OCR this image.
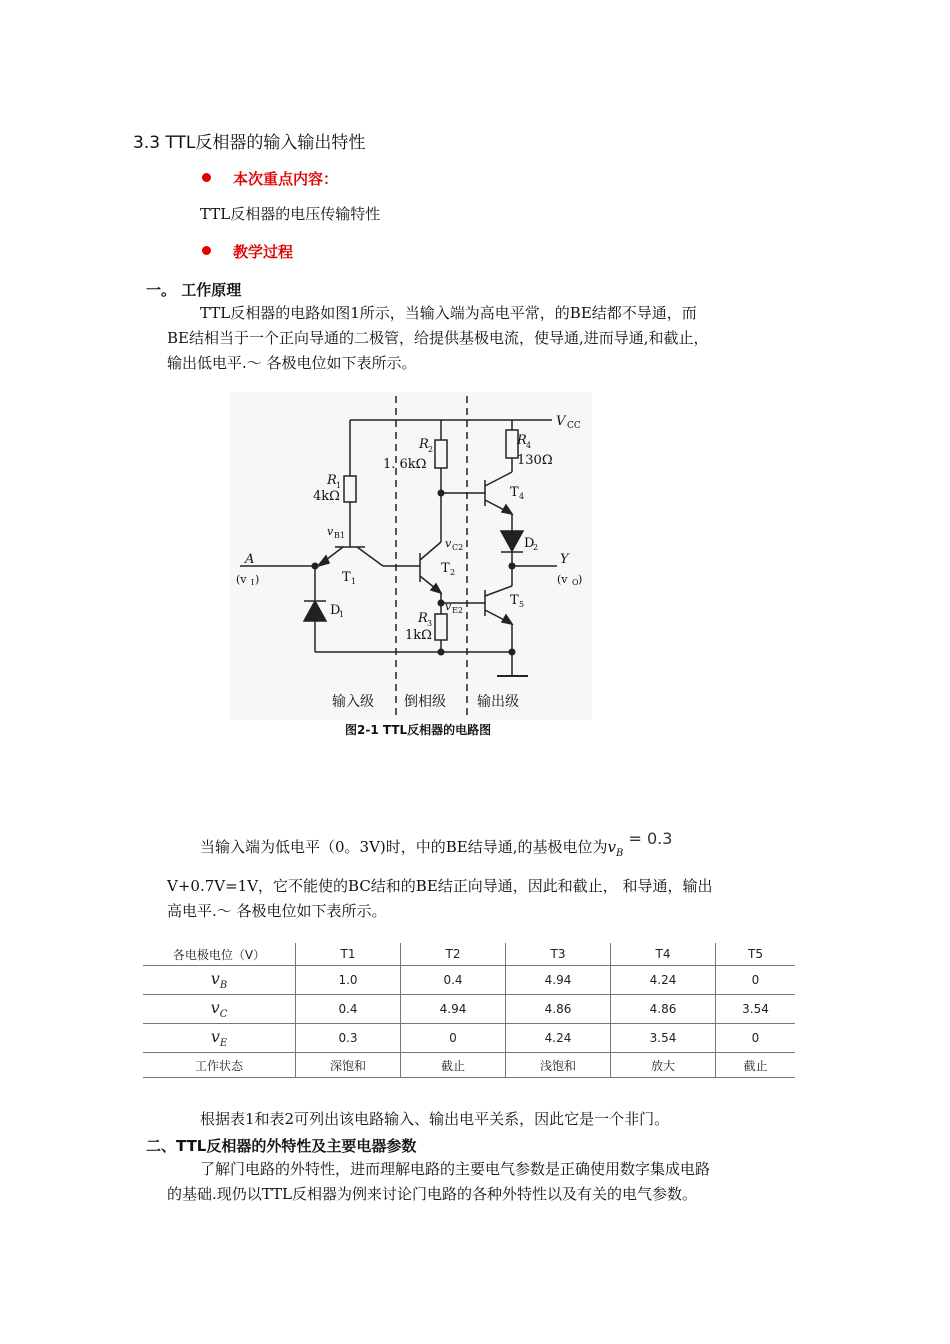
3.3 TTL反相器的输入输出特性
本次重点内容：
TTL反相器的电压传输特性
教学过程
一。 工作原理
TTL反相器的电路如图1所示，当输入端为高电平常，的BE结都不导通，而
BE结相当于一个正向导通的二极管，给提供基极电流，使导通,进而导通,和截止，
输出低电平.～ 各极电位如下表所示。
V CC
R 1
4kΩ
R 2
1. 6kΩ
R 3
1kΩ
R 4
130Ω
T 1
T 2
T 4
T 5
D
1
D
2
v B1
v C2
v E2
A
(v I )
Y
(v O )
输入级 倒相级 输出级
图2-1 TTL反相器的电路图
当输入端为低电平（0。3V)时，中的BE结导通,的基极电位为$v_B = 0.3$
V+0.7V=1V，它不能使的BC结和的BE结正向导通，因此和截止， 和导通，输出
高电平.～ 各极电位如下表所示。
各电极电位（V）	T1	T2	T3	T4	T5
$v_B$	1.0	0.4	4.94	4.24	0
$v_C$	0.4	4.94	4.86	4.86	3.54
$v_E$	0.3	0	4.24	3.54	0
工作状态	深饱和	截止	浅饱和	放大	截止
根据表1和表2可列出该电路输入、输出电平关系，因此它是一个非门。
二、TTL反相器的外特性及主要电器参数
了解门电路的外特性，进而理解电路的主要电气参数是正确使用数字集成电路
的基础.现仍以TTL反相器为例来讨论门电路的各种外特性以及有关的电气参数。
